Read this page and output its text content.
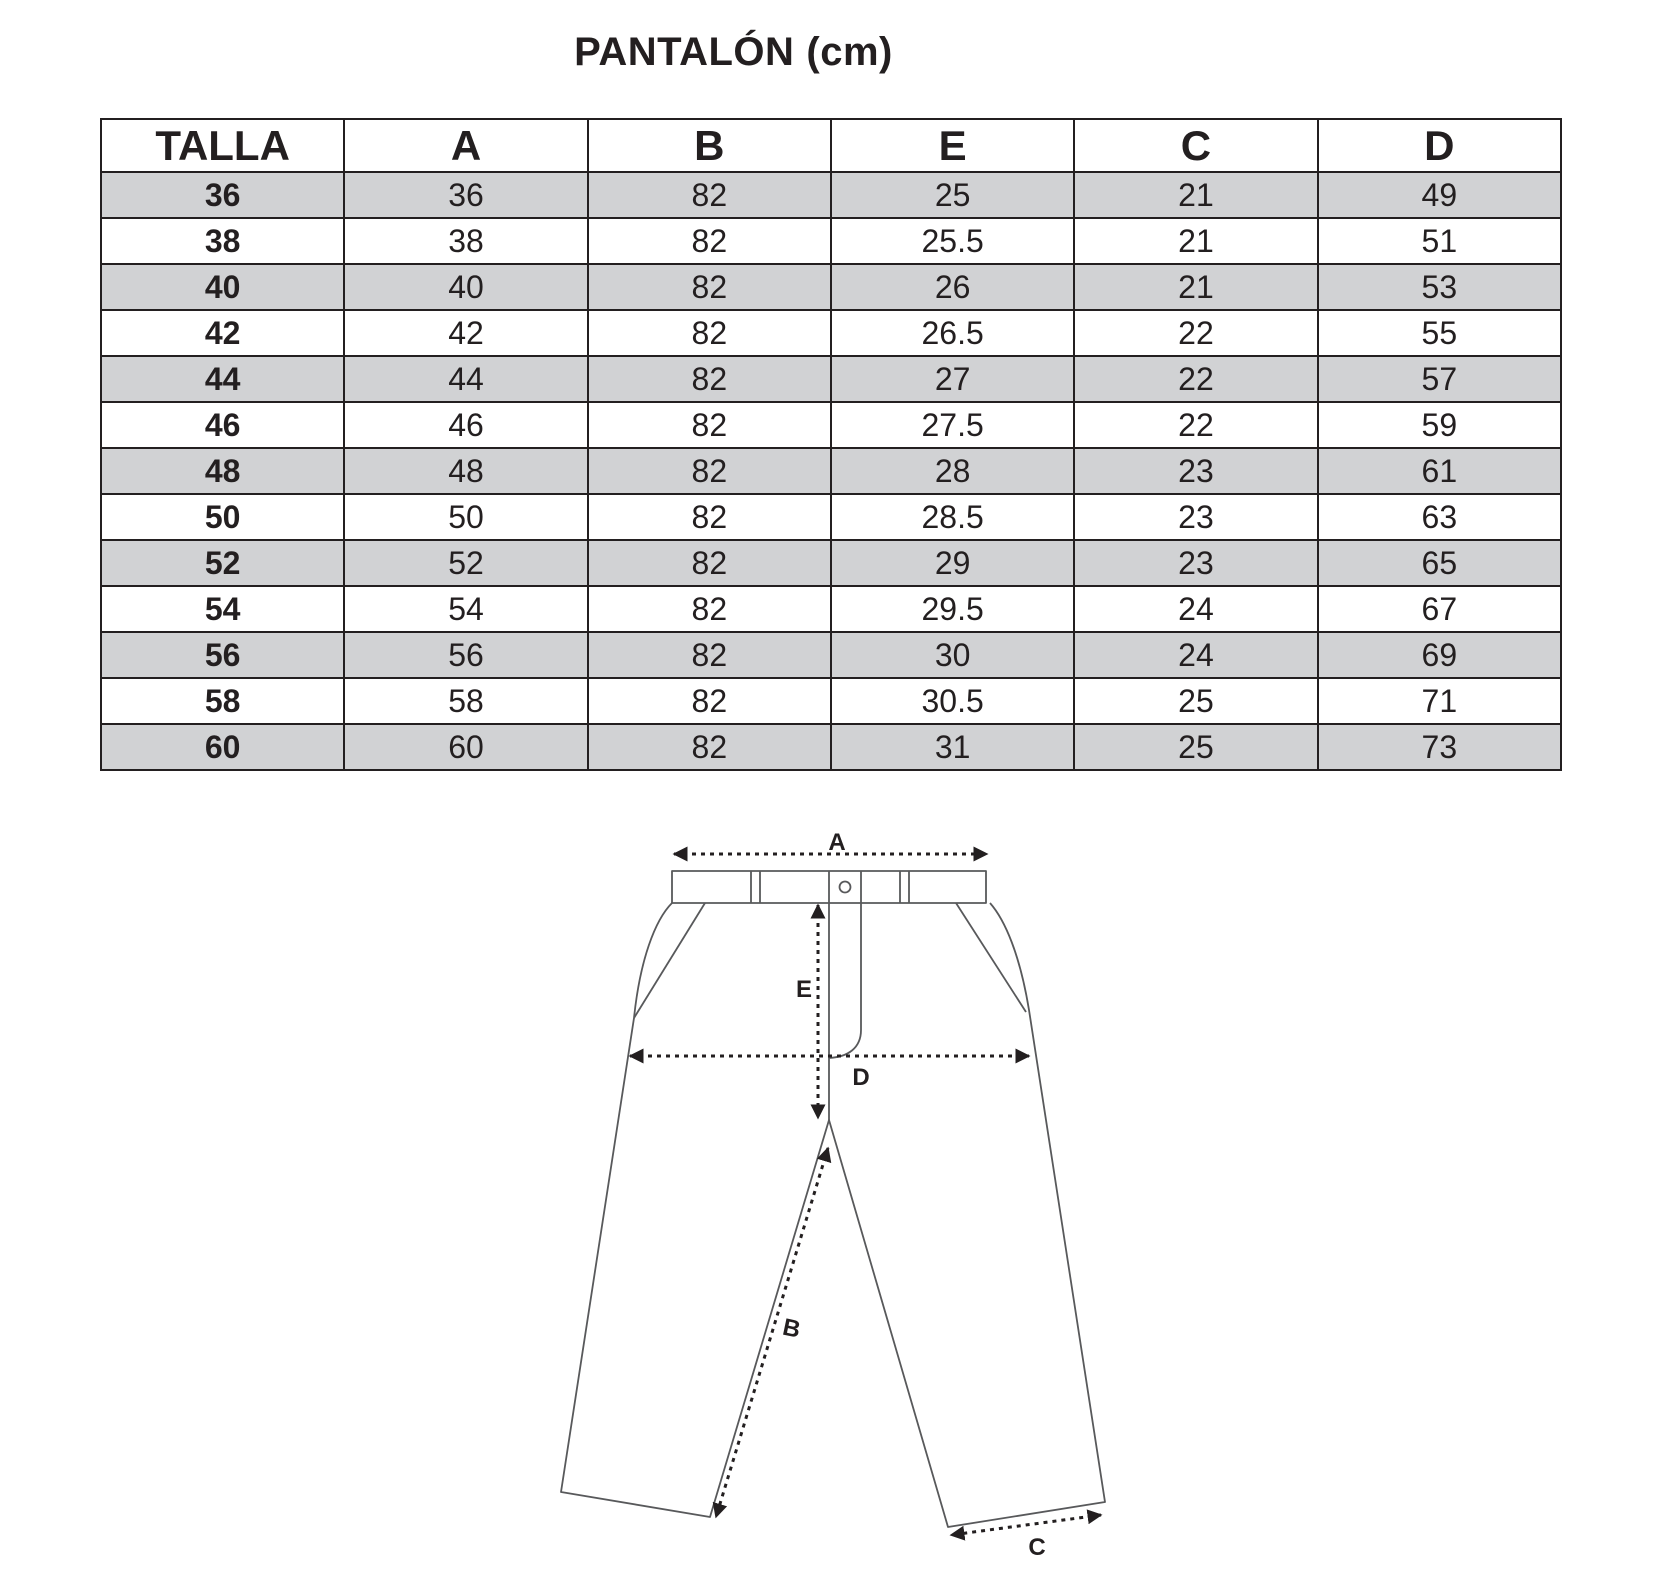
PANTALÓN (cm)
TALLA	A	B	E	C	D
36	36	82	25	21	49
38	38	82	25.5	21	51
40	40	82	26	21	53
42	42	82	26.5	22	55
44	44	82	27	22	57
46	46	82	27.5	22	59
48	48	82	28	23	61
50	50	82	28.5	23	63
52	52	82	29	23	65
54	54	82	29.5	24	67
56	56	82	30	24	69
58	58	82	30.5	25	71
60	60	82	31	25	73
A
E
D
B
C
